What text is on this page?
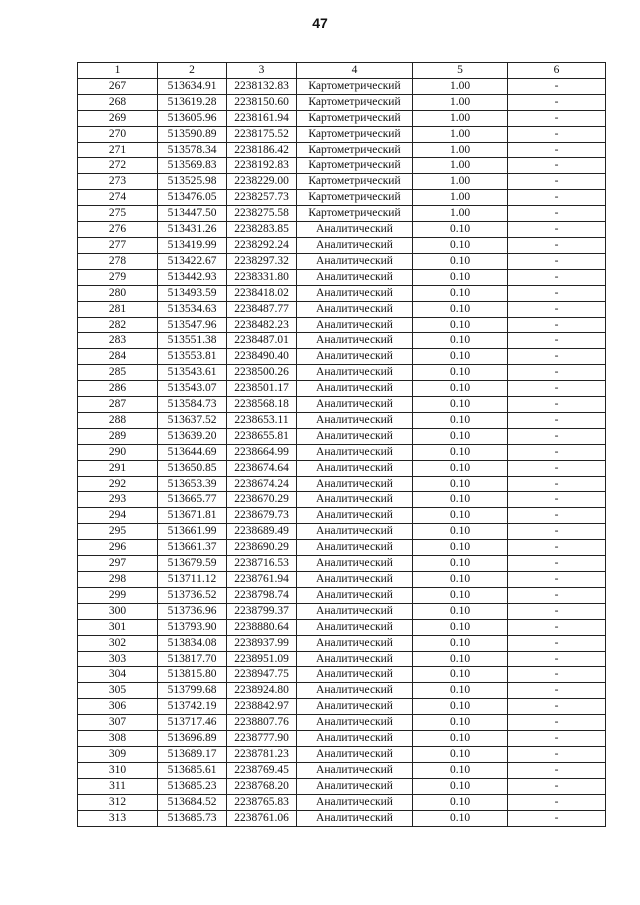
47
1	2	3	4	5	6
267	513634.91	2238132.83	Картометрический	1.00	-
268	513619.28	2238150.60	Картометрический	1.00	-
269	513605.96	2238161.94	Картометрический	1.00	-
270	513590.89	2238175.52	Картометрический	1.00	-
271	513578.34	2238186.42	Картометрический	1.00	-
272	513569.83	2238192.83	Картометрический	1.00	-
273	513525.98	2238229.00	Картометрический	1.00	-
274	513476.05	2238257.73	Картометрический	1.00	-
275	513447.50	2238275.58	Картометрический	1.00	-
276	513431.26	2238283.85	Аналитический	0.10	-
277	513419.99	2238292.24	Аналитический	0.10	-
278	513422.67	2238297.32	Аналитический	0.10	-
279	513442.93	2238331.80	Аналитический	0.10	-
280	513493.59	2238418.02	Аналитический	0.10	-
281	513534.63	2238487.77	Аналитический	0.10	-
282	513547.96	2238482.23	Аналитический	0.10	-
283	513551.38	2238487.01	Аналитический	0.10	-
284	513553.81	2238490.40	Аналитический	0.10	-
285	513543.61	2238500.26	Аналитический	0.10	-
286	513543.07	2238501.17	Аналитический	0.10	-
287	513584.73	2238568.18	Аналитический	0.10	-
288	513637.52	2238653.11	Аналитический	0.10	-
289	513639.20	2238655.81	Аналитический	0.10	-
290	513644.69	2238664.99	Аналитический	0.10	-
291	513650.85	2238674.64	Аналитический	0.10	-
292	513653.39	2238674.24	Аналитический	0.10	-
293	513665.77	2238670.29	Аналитический	0.10	-
294	513671.81	2238679.73	Аналитический	0.10	-
295	513661.99	2238689.49	Аналитический	0.10	-
296	513661.37	2238690.29	Аналитический	0.10	-
297	513679.59	2238716.53	Аналитический	0.10	-
298	513711.12	2238761.94	Аналитический	0.10	-
299	513736.52	2238798.74	Аналитический	0.10	-
300	513736.96	2238799.37	Аналитический	0.10	-
301	513793.90	2238880.64	Аналитический	0.10	-
302	513834.08	2238937.99	Аналитический	0.10	-
303	513817.70	2238951.09	Аналитический	0.10	-
304	513815.80	2238947.75	Аналитический	0.10	-
305	513799.68	2238924.80	Аналитический	0.10	-
306	513742.19	2238842.97	Аналитический	0.10	-
307	513717.46	2238807.76	Аналитический	0.10	-
308	513696.89	2238777.90	Аналитический	0.10	-
309	513689.17	2238781.23	Аналитический	0.10	-
310	513685.61	2238769.45	Аналитический	0.10	-
311	513685.23	2238768.20	Аналитический	0.10	-
312	513684.52	2238765.83	Аналитический	0.10	-
313	513685.73	2238761.06	Аналитический	0.10	-
